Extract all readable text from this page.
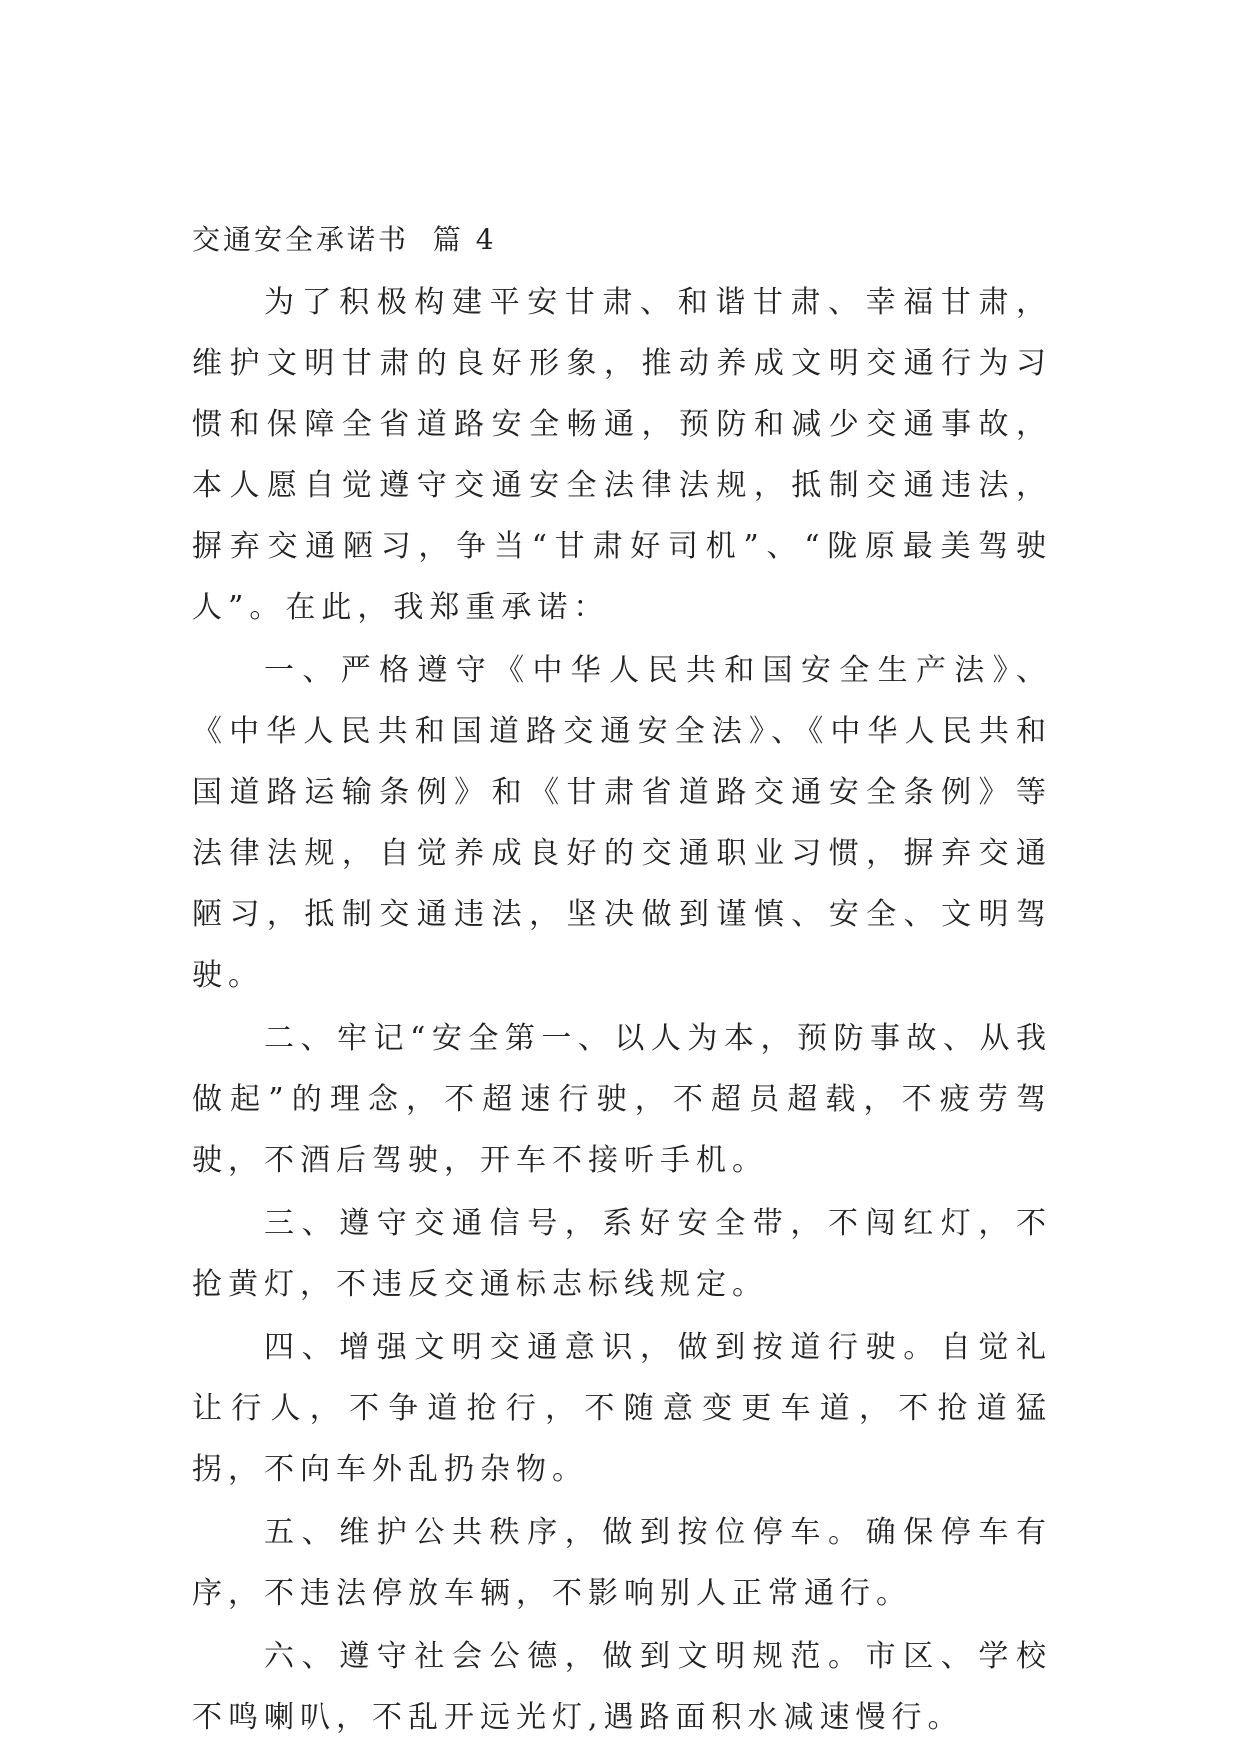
交通安全承诺书  篇 4

为了积极构建平安甘肃、和谐甘肃、幸福甘肃，维护文明甘肃的良好形象，推动养成文明交通行为习惯和保障全省道路安全畅通，预防和减少交通事故，本人愿自觉遵守交通安全法律法规，抵制交通违法，摒弃交通陋习，争当“甘肃好司机”、“陇原最美驾驶人”。在此，我郑重承诺：

一、严格遵守《中华人民共和国安全生产法》、《中华人民共和国道路交通安全法》、《中华人民共和国道路运输条例》和《甘肃省道路交通安全条例》等法律法规，自觉养成良好的交通职业习惯，摒弃交通陋习，抵制交通违法，坚决做到谨慎、安全、文明驾驶。

二、牢记“安全第一、以人为本，预防事故、从我做起”的理念，不超速行驶，不超员超载，不疲劳驾驶，不酒后驾驶，开车不接听手机。

三、遵守交通信号，系好安全带，不闯红灯，不抢黄灯，不违反交通标志标线规定。

四、增强文明交通意识，做到按道行驶。自觉礼让行人，不争道抢行，不随意变更车道，不抢道猛拐，不向车外乱扔杂物。

五、维护公共秩序，做到按位停车。确保停车有序，不违法停放车辆，不影响别人正常通行。

六、遵守社会公德，做到文明规范。市区、学校不鸣喇叭，不乱开远光灯,遇路面积水减速慢行。
